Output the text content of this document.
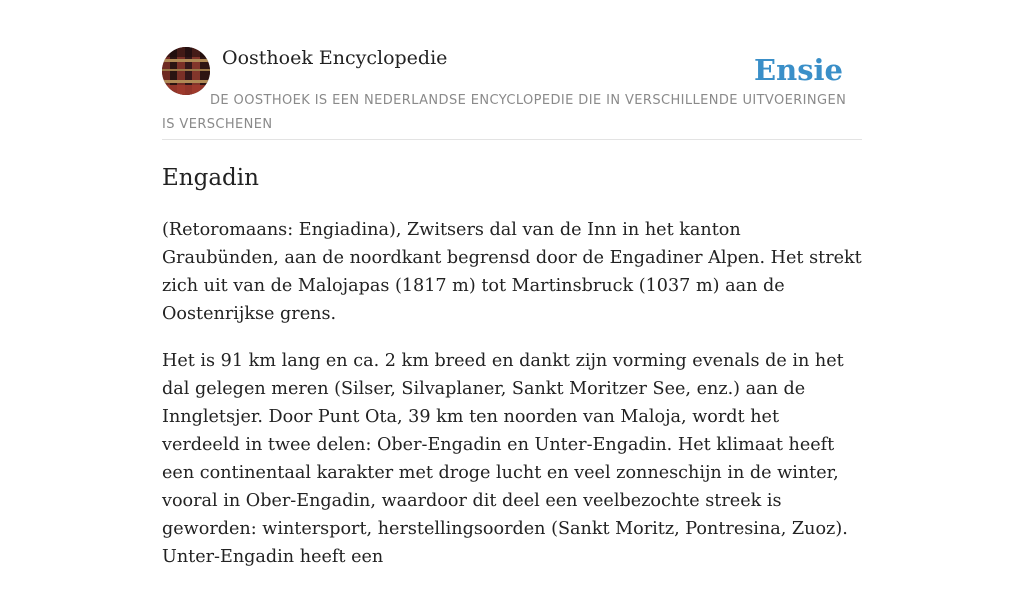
Oosthoek Encyclopedie	Ensie
DE OOSTHOEK IS EEN NEDERLANDSE ENCYCLOPEDIE DIE IN VERSCHILLENDE UITVOERINGEN IS VERSCHENEN
Engadin

(Retoromaans: Engiadina), Zwitsers dal van de Inn in het kanton Graubünden, aan de noordkant begrensd door de Engadiner Alpen. Het strekt zich uit van de Malojapas (1817 m) tot Martinsbruck (1037 m) aan de Oostenrijkse grens.

Het is 91 km lang en ca. 2 km breed en dankt zijn vorming evenals de in het dal gelegen meren (Silser, Silvaplaner, Sankt Moritzer See, enz.) aan de Inngletsjer. Door Punt Ota, 39 km ten noorden van Maloja, wordt het verdeeld in twee delen: Ober-Engadin en Unter-Engadin. Het klimaat heeft een continentaal karakter met droge lucht en veel zonneschijn in de winter, vooral in Ober-Engadin, waardoor dit deel een veelbezochte streek is geworden: wintersport, herstellingsoorden (Sankt Moritz, Pontresina, Zuoz). Unter-Engadin heeft een
